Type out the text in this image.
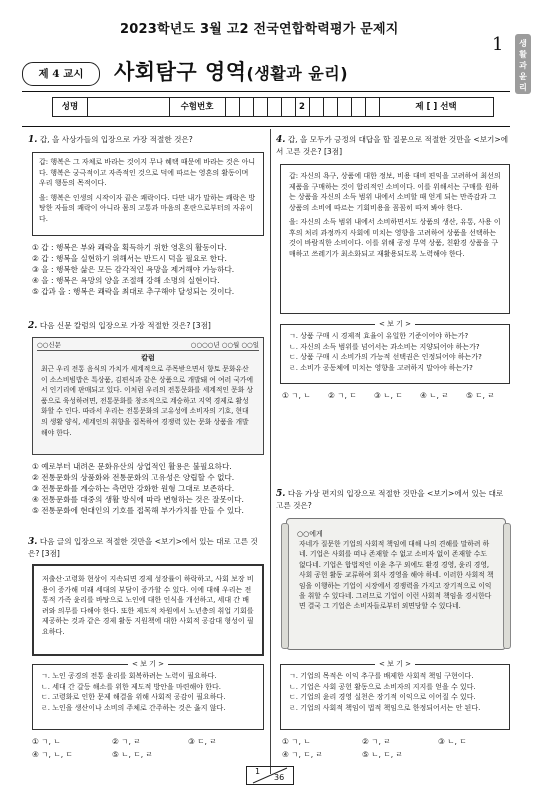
2023학년도 3월 고2 전국연합학력평가 문제지
1	생
활
과
윤
리
제 4 교시	사회탐구 영역(생활과 윤리)
성명	수험번호	2	제 [ ] 선택
1. 갑, 을 사상가들의 입장으로 가장 적절한 것은?
갑: 행복은 그 자체로 바라는 것이지 무나 혜택 때문에 바라는 것은 아니다. 행복은 궁극적이고 자족적인 것으로 덕에 따르는 영혼의 활동이며 우리 행동의 목적이다.
을: 행복은 인생의 시작이자 끝은 쾌락이다. 다만 내가 말하는 쾌락은 방탕한 자들의 쾌락이 아니라 몸의 고통과 마음의 혼란으로부터의 자유이다.
① 갑 : 행복은 부와 쾌락을 획득하기 위한 영혼의 활동이다.
② 갑 : 행복을 실현하기 위해서는 반드시 덕을 필요로 한다.
③ 을 : 행복한 삶은 모든 감각적인 욕망을 제거해야 가능하다.
④ 을 : 행복은 욕망의 양을 조절해 강해 소명의 실현이다.
⑤ 갑과 을 : 행복은 쾌락을 최대로 추구해야 달성되는 것이다.
2. 다음 신문 칼럼의 입장으로 가장 적절한 것은? [3점]
○○신문	○○○○년 ○○월 ○○일
칼럼
최근 우리 전통 음식의 가치가 세계적으로 주목받으면서 향토 문화유산이 소스비빔밥은 특상품, 김편식과 같은 상품으로 개발돼 여 여러 국가에서 인기리에 판매되고 있다. 이처럼 우리의 전통문화를 세계적인 문화 상품으로 육성하려면, 전통문화를 창조적으로 계승하고 지역 경제로 활성화할 수 인다. 따라서 우리는 전통문화의 고유성에 소비자의 기호, 현대의 생활 양식, 세계인의 취향을 접목하여 경쟁력 있는 문화 상품을 개발해야 한다.
① 예로부터 내려온 문화유산의 상업적인 활용은 불필요하다.
② 전통문화의 상품화와 전통문화의 고유성은 양립할 수 없다.
③ 전통문화를 계승하는 측면만 강화한 원형 그대로 보존하다.
④ 전통문화를 대중의 생활 방식에 따라 변형하는 것은 잘못이다.
⑤ 전통문화에 현대인의 기호를 접목해 부가가치를 만들 수 있다.
3. 다음 글의 입장으로 적절한 것만을 <보기>에서 있는 대로 고른 것은? [3점]
저출산·고령화 현상이 지속되면 경제 성장률이 하락하고, 사회 보장 비용이 증가해 미래 세대의 부담이 증가할 수 있다. 이에 대해 우리는 전통적 가족 윤리를 바탕으로 노인에 대한 인식을 개선하고, 세대 간 배려와 의무를 다해야 한다. 또한 제도적 차원에서 노년층의 취업 기회를 제공하는 것과 같은 경제 활동 지원책에 대한 사회적 공감대 형성이 필요하다.
< 보 기 >
ㄱ. 노인 공경의 전통 윤리를 회복하려는 노력이 필요하다.
ㄴ. 세대 간 갈등 해소를 위한 제도적 방안을 마련해야 한다.
ㄷ. 고령화로 인한 문제 해결을 위해 사회적 공감이 필요하다.
ㄹ. 노인을 생산이나 소비의 주체로 간주하는 것은 옳지 않다.
① ㄱ, ㄴ	② ㄱ, ㄹ	③ ㄷ, ㄹ
④ ㄱ, ㄴ, ㄷ	⑤ ㄴ, ㄷ, ㄹ
4. 갑, 을 모두가 긍정의 대답을 할 질문으로 적절한 것만을 <보기>에서 고른 것은? [3점]
갑: 자신의 욕구, 상품에 대한 정보, 비용 대비 편익을 고려하여 최선의 제품을 구매하는 것이 합리적인 소비이다. 이를 위해서는 구매를 원하는 상품을 자신의 소득 범위 내에서 소비할 때 얻게 되는 만족감과 그 상품의 소비에 따르는 기회비용을 꼼꼼히 따져 봐야 한다.
을: 자신의 소득 범위 내에서 소비하면서도 상품의 생산, 유통, 사용 이후의 처리 과정까지 사회에 미치는 영향을 고려하여 상품을 선택하는 것이 바람직한 소비이다. 이를 위해 공정 무역 상품, 친환경 상품을 구매하고 쓰레기가 최소화되고 재활용되도록 노력해야 한다.
< 보 기 >
ㄱ. 상품 구매 시 경제적 효율이 유일한 기준이어야 하는가?
ㄴ. 자신의 소득 범위를 넘어서는 과소비는 지양되어야 하는가?
ㄷ. 상품 구매 시 소비가의 가능적 선택권은 인정되어야 하는가?
ㄹ. 소비가 공동체에 미치는 영향을 고려하지 말아야 하는가?
① ㄱ, ㄴ ② ㄱ, ㄷ ③ ㄴ, ㄷ ④ ㄴ, ㄹ ⑤ ㄷ, ㄹ
5. 다음 가상 편지의 입장으로 적절한 것만을 <보기>에서 있는 대로 고른 것은?
○○에게
자네가 질문한 기업의 사회적 책임에 대해 나의 견해를 말하려 하네. 기업은 사회를 떠나 존재할 수 없고 소비자 없이 존재할 수도 없다네. 기업은 합법적인 이윤 추구 외에도 환경 경영, 윤리 경영, 사회 공헌 활동 교류하여 회사 경영을 해야 하네. 이러한 사회적 책임을 이행하는 기업이 시장에서 경쟁력을 가지고 장기적으로 이익을 취할 수 있다네. 그러므로 기업이 이런 사회적 책임을 경시한다면 결국 그 기업은 소비자들로부터 외면당할 수 있다네.
< 보 기 >
ㄱ. 기업의 목적은 이익 추구를 배제한 사회적 책임 구현이다.
ㄴ. 기업은 사회 공헌 활동으로 소비자의 지지를 얻을 수 있다.
ㄷ. 기업의 윤리 경영 실천은 장기적 이익으로 이어질 수 있다.
ㄹ. 기업의 사회적 책임이 법적 책임으로 한정되어서는 안 된다.
① ㄱ, ㄴ	② ㄱ, ㄹ	③ ㄴ, ㄷ
④ ㄱ, ㄷ, ㄹ	⑤ ㄴ, ㄷ, ㄹ
1
36
